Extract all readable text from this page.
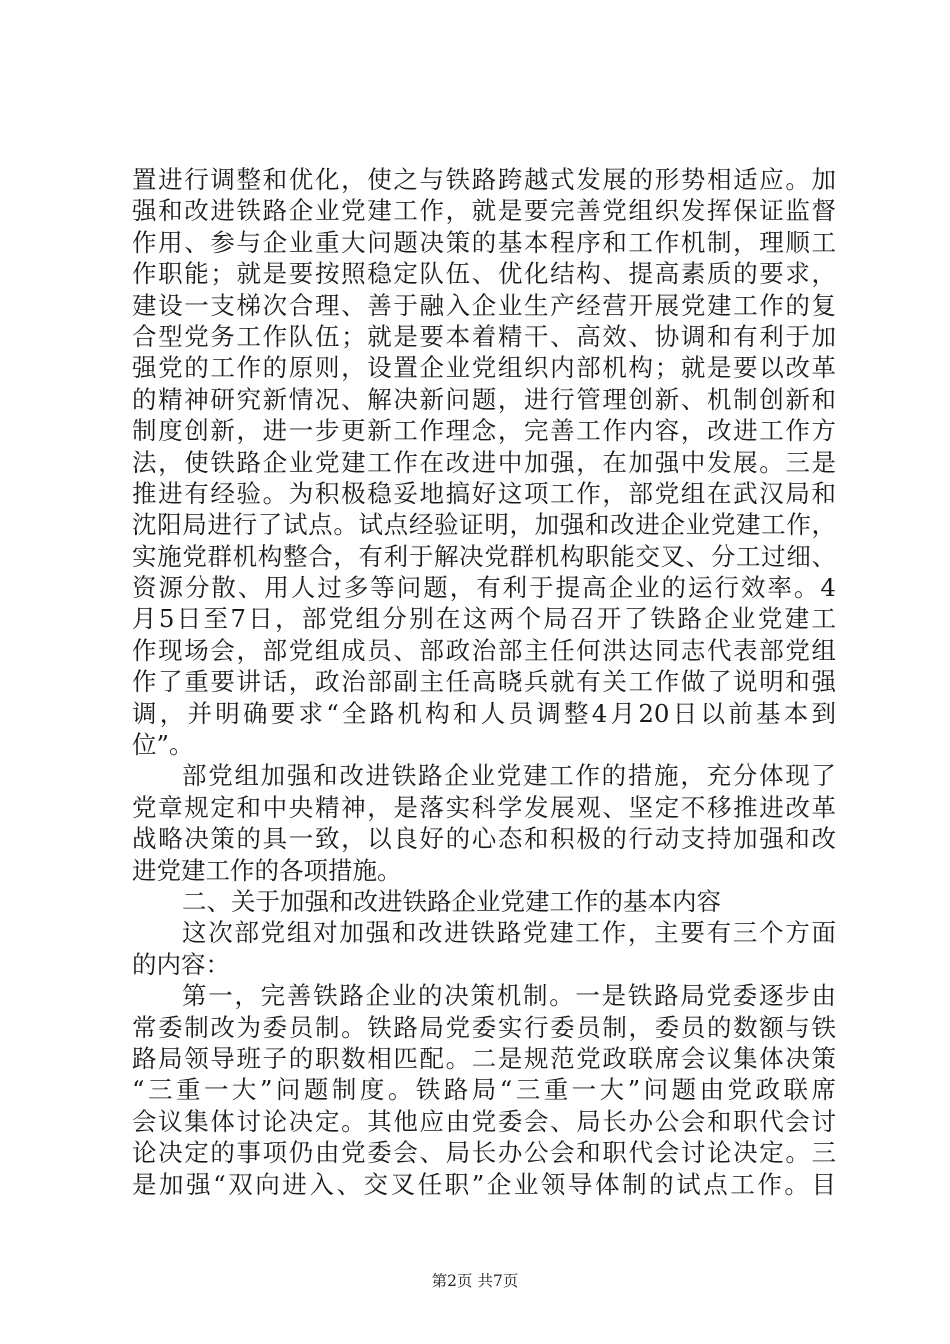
置进行调整和优化，使之与铁路跨越式发展的形势相适应。加
强和改进铁路企业党建工作，就是要完善党组织发挥保证监督
作用、参与企业重大问题决策的基本程序和工作机制，理顺工
作职能；就是要按照稳定队伍、优化结构、提高素质的要求，
建设一支梯次合理、善于融入企业生产经营开展党建工作的复
合型党务工作队伍；就是要本着精干、高效、协调和有利于加
强党的工作的原则，设置企业党组织内部机构；就是要以改革
的精神研究新情况、解决新问题，进行管理创新、机制创新和
制度创新，进一步更新工作理念，完善工作内容，改进工作方
法，使铁路企业党建工作在改进中加强，在加强中发展。三是
推进有经验。为积极稳妥地搞好这项工作，部党组在武汉局和
沈阳局进行了试点。试点经验证明，加强和改进企业党建工作，
实施党群机构整合，有利于解决党群机构职能交叉、分工过细、
资源分散、用人过多等问题，有利于提高企业的运行效率。4
月5日至7日，部党组分别在这两个局召开了铁路企业党建工
作现场会，部党组成员、部政治部主任何洪达同志代表部党组
作了重要讲话，政治部副主任高晓兵就有关工作做了说明和强
调，并明确要求“全路机构和人员调整4月20日以前基本到
位”。
部党组加强和改进铁路企业党建工作的措施，充分体现了
党章规定和中央精神，是落实科学发展观、坚定不移推进改革
战略决策的具一致，以良好的心态和积极的行动支持加强和改
进党建工作的各项措施。
二、关于加强和改进铁路企业党建工作的基本内容
这次部党组对加强和改进铁路党建工作，主要有三个方面
的内容：
第一，完善铁路企业的决策机制。一是铁路局党委逐步由
常委制改为委员制。铁路局党委实行委员制，委员的数额与铁
路局领导班子的职数相匹配。二是规范党政联席会议集体决策
“三重一大”问题制度。铁路局“三重一大”问题由党政联席
会议集体讨论决定。其他应由党委会、局长办公会和职代会讨
论决定的事项仍由党委会、局长办公会和职代会讨论决定。三
是加强“双向进入、交叉任职”企业领导体制的试点工作。目
第2页 共7页
